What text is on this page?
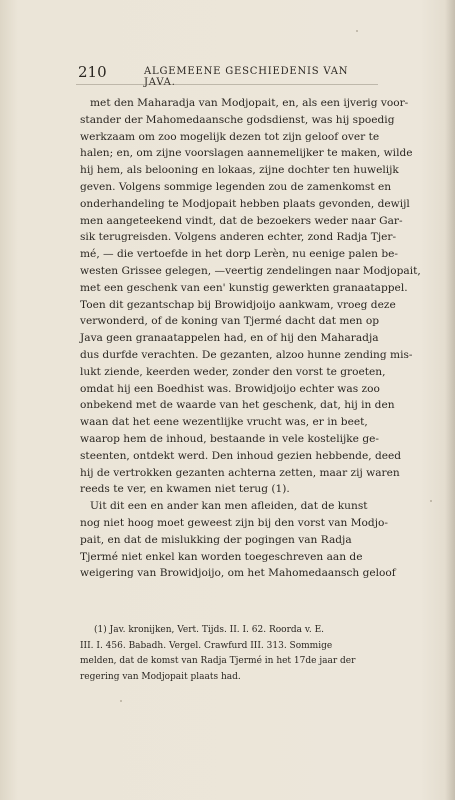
210	ALGEMEENE GESCHIEDENIS VAN JAVA.
met den Maharadja van Modjopait, en, als een ijverig voor-
stander der Mahomedaansche godsdienst, was hij spoedig
werkzaam om zoo mogelijk dezen tot zijn geloof over te
halen; en, om zijne voorslagen aannemelijker te maken, wilde
hij hem, als belooning en lokaas, zijne dochter ten huwelijk
geven. Volgens sommige legenden zou de zamenkomst en
onderhandeling te Modjopait hebben plaats gevonden, dewijl
men aangeteekend vindt, dat de bezoekers weder naar Gar-
sik terugreisden. Volgens anderen echter, zond Radja Tjer-
mé, — die vertoefde in het dorp Lerèn, nu eenige palen be-
westen Grissee gelegen, —veertig zendelingen naar Modjopait,
met een geschenk van een' kunstig gewerkten granaatappel.
Toen dit gezantschap bij Browidjoijo aankwam, vroeg deze
verwonderd, of de koning van Tjermé dacht dat men op
Java geen granaatappelen had, en of hij den Maharadja
dus durfde verachten. De gezanten, alzoo hunne zending mis-
lukt ziende, keerden weder, zonder den vorst te groeten,
omdat hij een Boedhist was. Browidjoijo echter was zoo
onbekend met de waarde van het geschenk, dat, hij in den
waan dat het eene wezentlijke vrucht was, er in beet,
waarop hem de inhoud, bestaande in vele kostelijke ge-
steenten, ontdekt werd. Den inhoud gezien hebbende, deed
hij de vertrokken gezanten achterna zetten, maar zij waren
reeds te ver, en kwamen niet terug (1).
Uit dit een en ander kan men afleiden, dat de kunst
nog niet hoog moet geweest zijn bij den vorst van Modjo-
pait, en dat de mislukking der pogingen van Radja
Tjermé niet enkel kan worden toegeschreven aan de
weigering van Browidjoijo, om het Mahomedaansch geloof
(1) Jav. kronijken, Vert. Tijds. II. I. 62. Roorda v. E.
III. I. 456. Babadh. Vergel. Crawfurd III. 313. Sommige
melden, dat de komst van Radja Tjermé in het 17de jaar der
regering van Modjopait plaats had.
